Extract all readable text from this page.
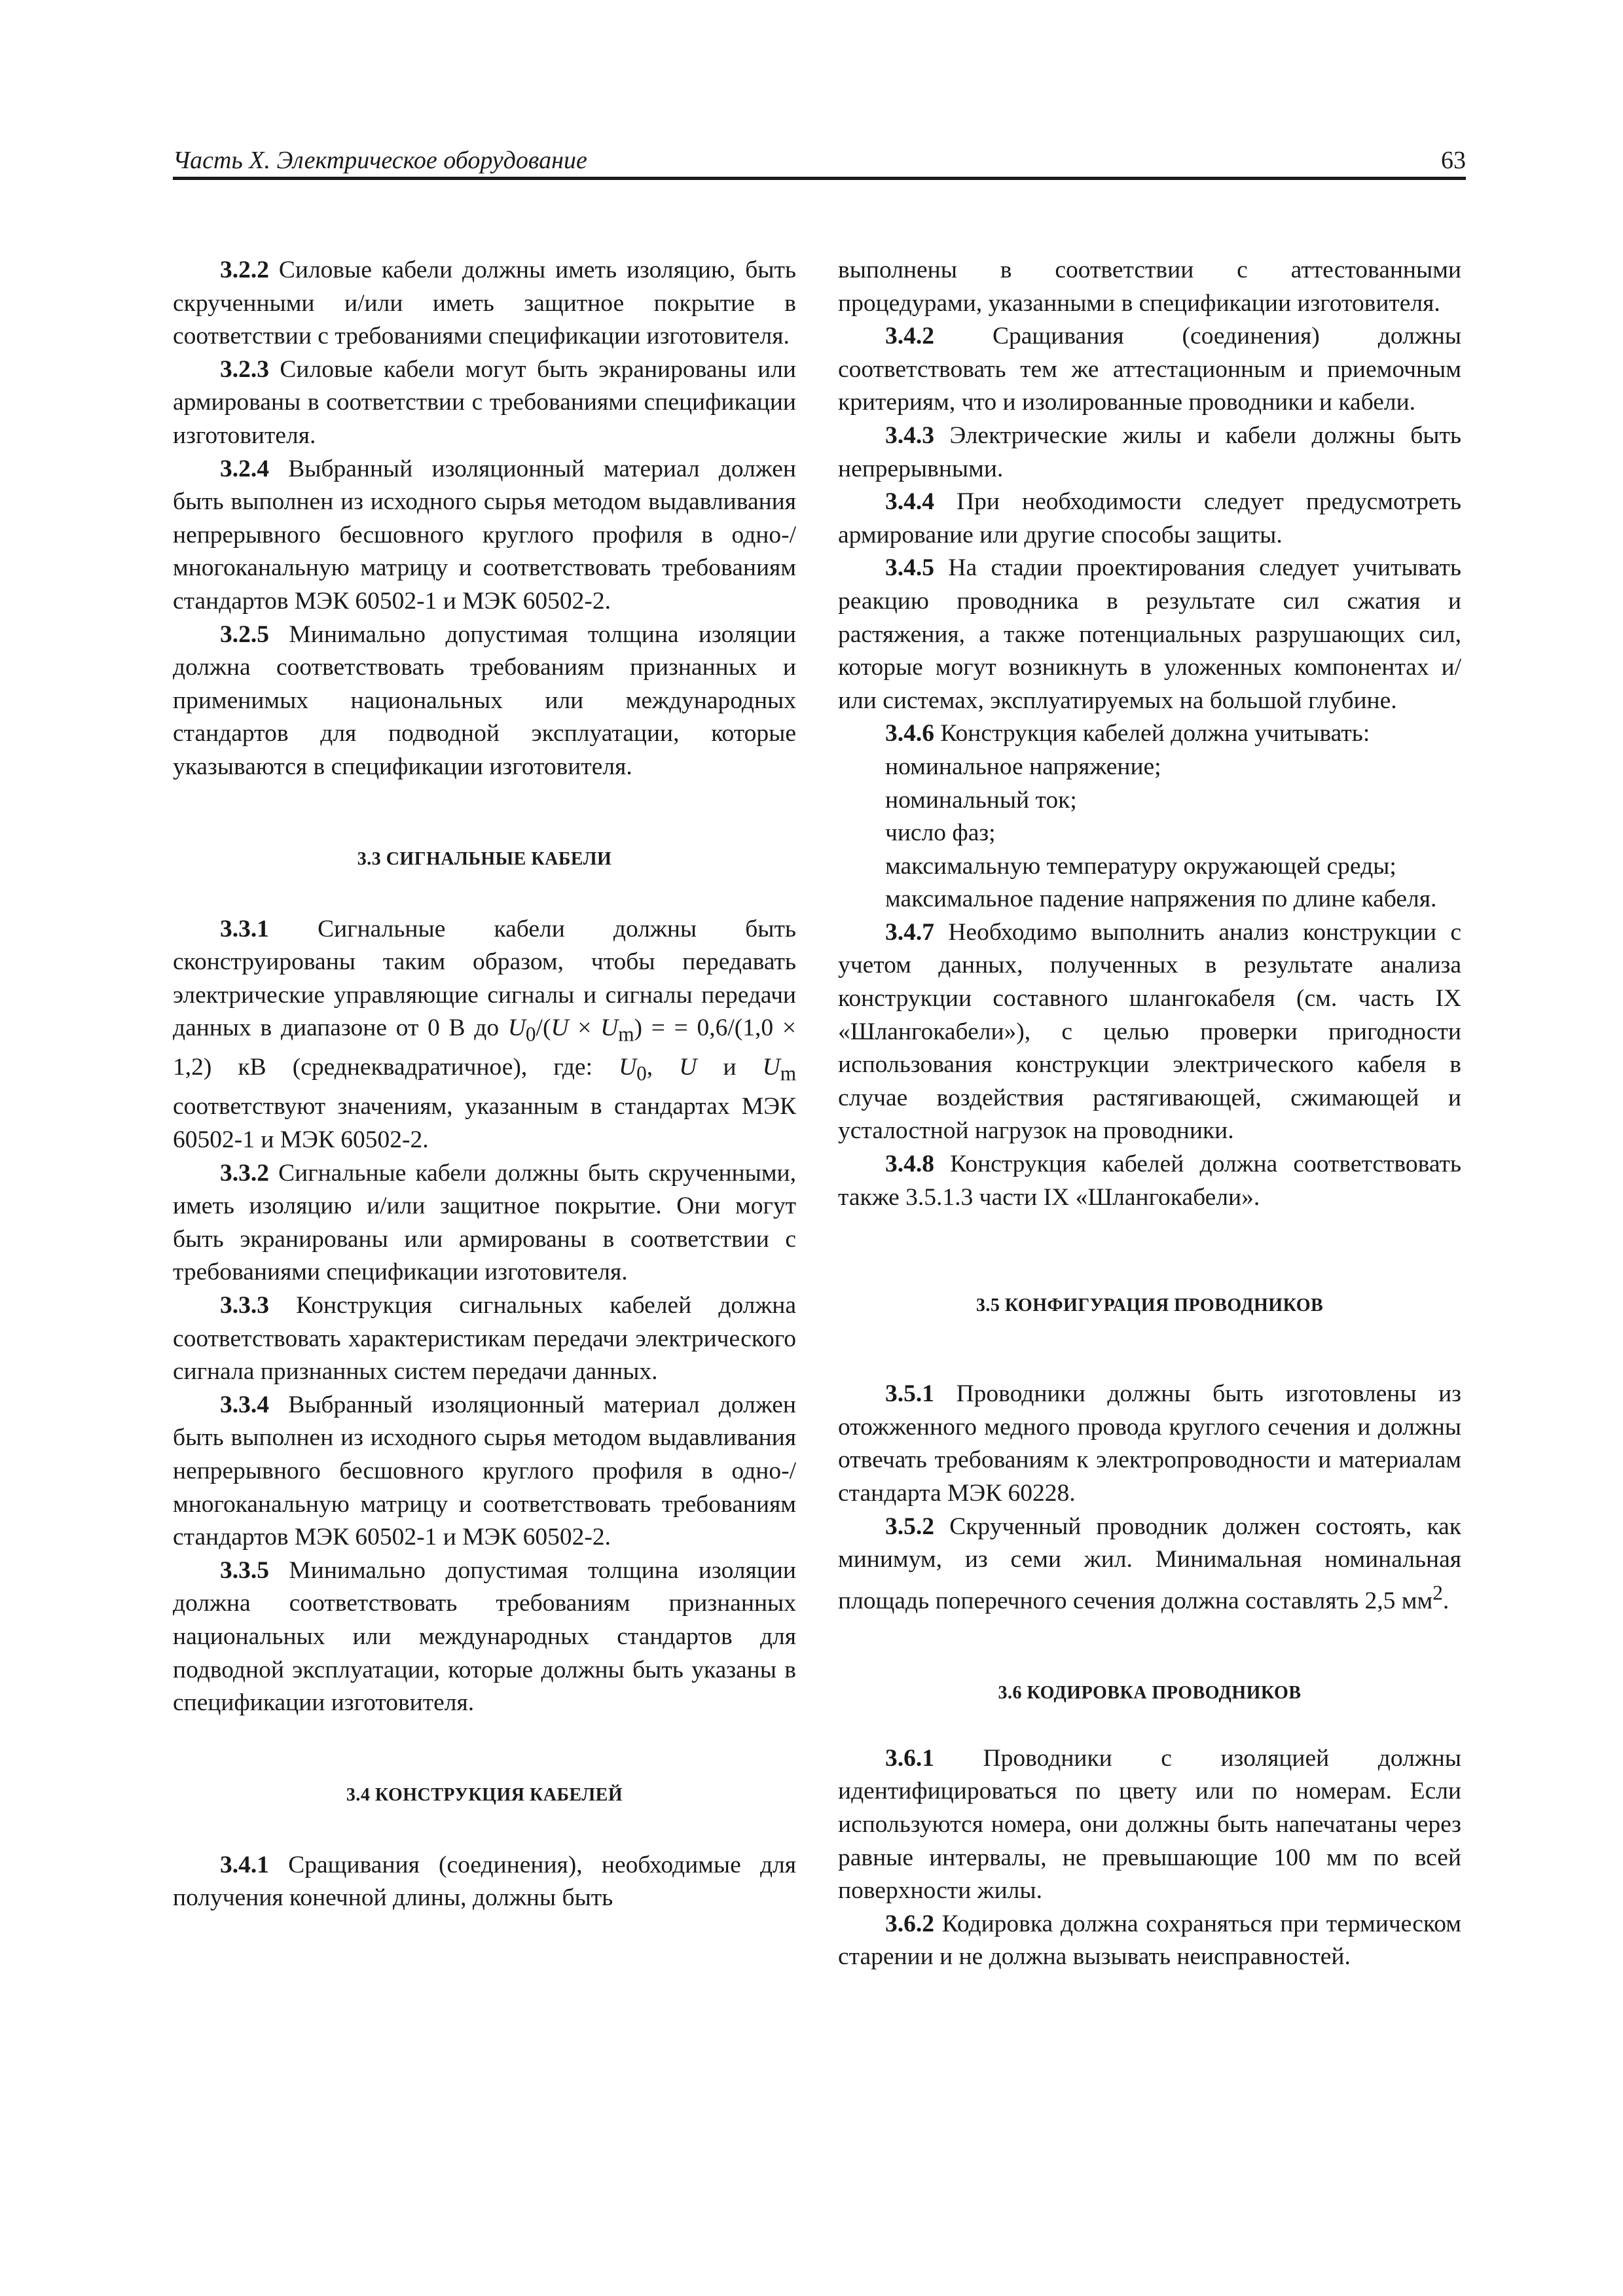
Часть X. Электрическое оборудование	63

3.2.2 Силовые кабели должны иметь изоляцию, быть скрученными и/или иметь защитное покрытие в соответствии с требованиями спецификации изготовителя.

3.2.3 Силовые кабели могут быть экранированы или армированы в соответствии с требованиями спецификации изготовителя.

3.2.4 Выбранный изоляционный материал должен быть выполнен из исходного сырья методом выдавливания непрерывного бесшовного круглого профиля в одно-/многоканальную матрицу и соответствовать требованиям стандартов МЭК 60502-1 и МЭК 60502-2.

3.2.5 Минимально допустимая толщина изоляции должна соответствовать требованиям признанных и применимых национальных или международных стандартов для подводной эксплуатации, которые указываются в спецификации изготовителя.

3.3 СИГНАЛЬНЫЕ КАБЕЛИ

3.3.1 Сигнальные кабели должны быть сконструированы таким образом, чтобы передавать электрические управляющие сигналы и сигналы передачи данных в диапазоне от 0 В до $U_0/(U \times U_m)$ = = 0,6/(1,0 × 1,2) кВ (среднеквадратичное), где: $U_0$, U и $U_m$ соответствуют значениям, указанным в стандартах МЭК 60502-1 и МЭК 60502-2.

3.3.2 Сигнальные кабели должны быть скрученными, иметь изоляцию и/или защитное покрытие. Они могут быть экранированы или армированы в соответствии с требованиями спецификации изготовителя.

3.3.3 Конструкция сигнальных кабелей должна соответствовать характеристикам передачи электрического сигнала признанных систем передачи данных.

3.3.4 Выбранный изоляционный материал должен быть выполнен из исходного сырья методом выдавливания непрерывного бесшовного круглого профиля в одно-/многоканальную матрицу и соответствовать требованиям стандартов МЭК 60502-1 и МЭК 60502-2.

3.3.5 Минимально допустимая толщина изоляции должна соответствовать требованиям признанных национальных или международных стандартов для подводной эксплуатации, которые должны быть указаны в спецификации изготовителя.

3.4 КОНСТРУКЦИЯ КАБЕЛЕЙ

3.4.1 Сращивания (соединения), необходимые для получения конечной длины, должны быть

выполнены в соответствии с аттестованными процедурами, указанными в спецификации изготовителя.

3.4.2 Сращивания (соединения) должны соответствовать тем же аттестационным и приемочным критериям, что и изолированные проводники и кабели.

3.4.3 Электрические жилы и кабели должны быть непрерывными.

3.4.4 При необходимости следует предусмотреть армирование или другие способы защиты.

3.4.5 На стадии проектирования следует учитывать реакцию проводника в результате сил сжатия и растяжения, а также потенциальных разрушающих сил, которые могут возникнуть в уложенных компонентах и/или системах, эксплуатируемых на большой глубине.

3.4.6 Конструкция кабелей должна учитывать:

номинальное напряжение;

номинальный ток;

число фаз;

максимальную температуру окружающей среды;

максимальное падение напряжения по длине кабеля.

3.4.7 Необходимо выполнить анализ конструкции с учетом данных, полученных в результате анализа конструкции составного шлангокабеля (см. часть IX «Шлангокабели»), с целью проверки пригодности использования конструкции электрического кабеля в случае воздействия растягивающей, сжимающей и усталостной нагрузок на проводники.

3.4.8 Конструкция кабелей должна соответствовать также 3.5.1.3 части IX «Шлангокабели».

3.5 КОНФИГУРАЦИЯ ПРОВОДНИКОВ

3.5.1 Проводники должны быть изготовлены из отожженного медного провода круглого сечения и должны отвечать требованиям к электропроводности и материалам стандарта МЭК 60228.

3.5.2 Скрученный проводник должен состоять, как минимум, из семи жил. Минимальная номинальная площадь поперечного сечения должна составлять 2,5 $мм^2$.

3.6 КОДИРОВКА ПРОВОДНИКОВ

3.6.1 Проводники с изоляцией должны идентифицироваться по цвету или по номерам. Если используются номера, они должны быть напечатаны через равные интервалы, не превышающие 100 мм по всей поверхности жилы.

3.6.2 Кодировка должна сохраняться при термическом старении и не должна вызывать неисправностей.
